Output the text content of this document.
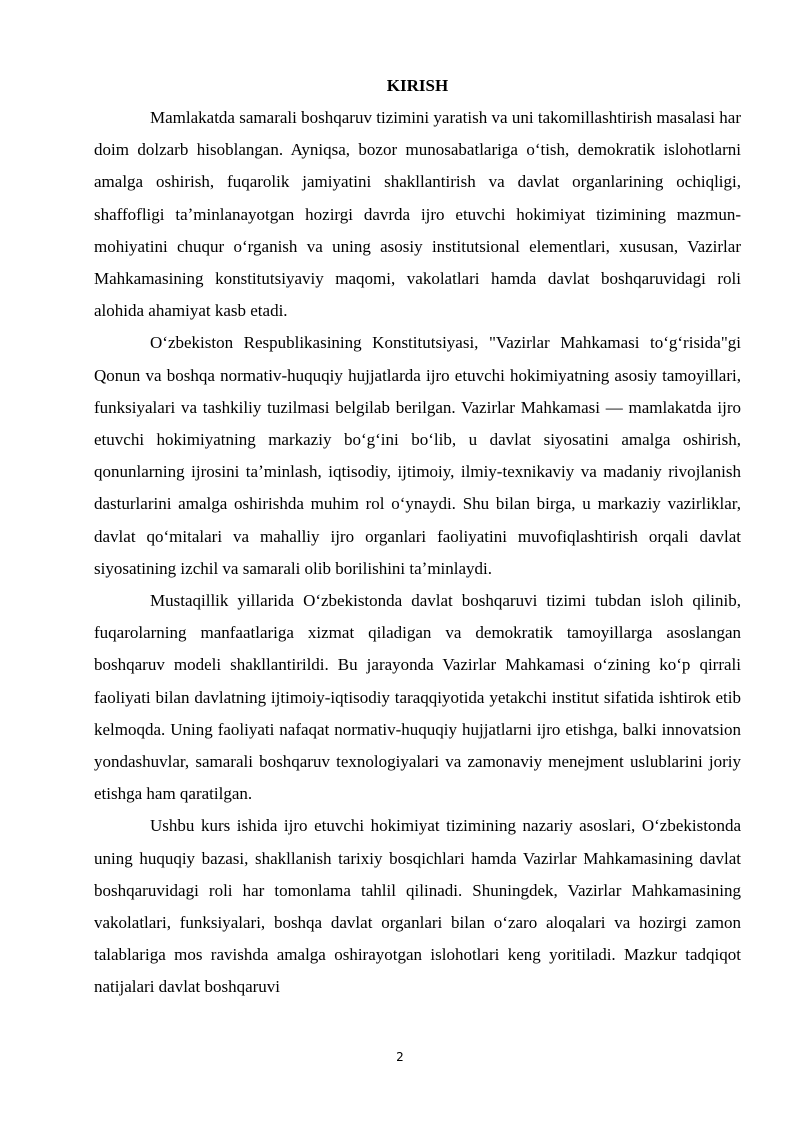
KIRISH

Mamlakatda samarali boshqaruv tizimini yaratish va uni takomillashtirish masalasi har doim dolzarb hisoblangan. Ayniqsa, bozor munosabatlariga oʻtish, demokratik islohotlarni amalga oshirish, fuqarolik jamiyatini shakllantirish va davlat organlarining ochiqligi, shaffofligi taʼminlanayotgan hozirgi davrda ijro etuvchi hokimiyat tizimining mazmun-mohiyatini chuqur oʻrganish va uning asosiy institutsional elementlari, xususan, Vazirlar Mahkamasining konstitutsiyaviy maqomi, vakolatlari hamda davlat boshqaruvidagi roli alohida ahamiyat kasb etadi.

Oʻzbekiston Respublikasining Konstitutsiyasi, "Vazirlar Mahkamasi toʻgʻrisida"gi Qonun va boshqa normativ-huquqiy hujjatlarda ijro etuvchi hokimiyatning asosiy tamoyillari, funksiyalari va tashkiliy tuzilmasi belgilab berilgan. Vazirlar Mahkamasi — mamlakatda ijro etuvchi hokimiyatning markaziy boʻgʻini boʻlib, u davlat siyosatini amalga oshirish, qonunlarning ijrosini taʼminlash, iqtisodiy, ijtimoiy, ilmiy-texnikaviy va madaniy rivojlanish dasturlarini amalga oshirishda muhim rol oʻynaydi. Shu bilan birga, u markaziy vazirliklar, davlat qoʻmitalari va mahalliy ijro organlari faoliyatini muvofiqlashtirish orqali davlat siyosatining izchil va samarali olib borilishini taʼminlaydi.

Mustaqillik yillarida Oʻzbekistonda davlat boshqaruvi tizimi tubdan isloh qilinib, fuqarolarning manfaatlariga xizmat qiladigan va demokratik tamoyillarga asoslangan boshqaruv modeli shakllantirildi. Bu jarayonda Vazirlar Mahkamasi oʻzining koʻp qirrali faoliyati bilan davlatning ijtimoiy-iqtisodiy taraqqiyotida yetakchi institut sifatida ishtirok etib kelmoqda. Uning faoliyati nafaqat normativ-huquqiy hujjatlarni ijro etishga, balki innovatsion yondashuvlar, samarali boshqaruv texnologiyalari va zamonaviy menejment uslublarini joriy etishga ham qaratilgan.

Ushbu kurs ishida ijro etuvchi hokimiyat tizimining nazariy asoslari, Oʻzbekistonda uning huquqiy bazasi, shakllanish tarixiy bosqichlari hamda Vazirlar Mahkamasining davlat boshqaruvidagi roli har tomonlama tahlil qilinadi. Shuningdek, Vazirlar Mahkamasining vakolatlari, funksiyalari, boshqa davlat organlari bilan oʻzaro aloqalari va hozirgi zamon talablariga mos ravishda amalga oshirayotgan islohotlari keng yoritiladi. Mazkur tadqiqot natijalari davlat boshqaruvi

2
